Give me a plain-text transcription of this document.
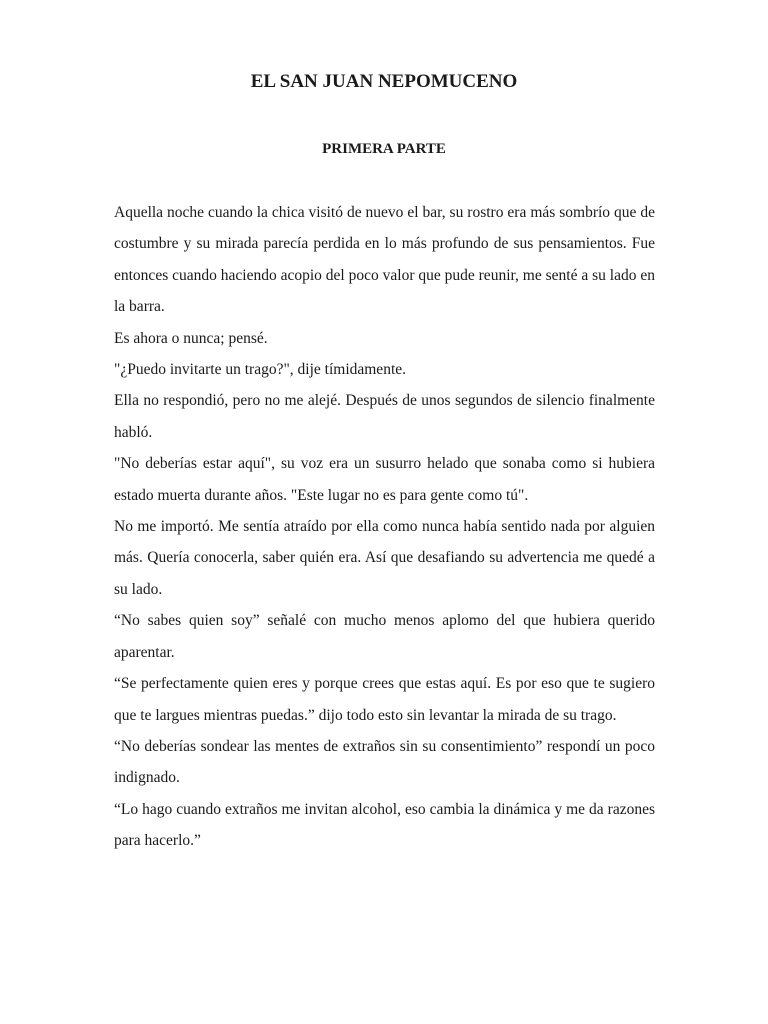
EL SAN JUAN NEPOMUCENO
PRIMERA PARTE

Aquella noche cuando la chica visitó de nuevo el bar, su rostro era más sombrío que de costumbre y su mirada parecía perdida en lo más profundo de sus pensamientos. Fue entonces cuando haciendo acopio del poco valor que pude reunir, me senté a su lado en la barra.

Es ahora o nunca; pensé.

"¿Puedo invitarte un trago?", dije tímidamente.

Ella no respondió, pero no me alejé. Después de unos segundos de silencio finalmente habló.

"No deberías estar aquí", su voz era un susurro helado que sonaba como si hubiera estado muerta durante años. "Este lugar no es para gente como tú".

No me importó. Me sentía atraído por ella como nunca había sentido nada por alguien más. Quería conocerla, saber quién era. Así que desafiando su advertencia me quedé a su lado.

“No sabes quien soy” señalé con mucho menos aplomo del que hubiera querido aparentar.

“Se perfectamente quien eres y porque crees que estas aquí. Es por eso que te sugiero que te largues mientras puedas.” dijo todo esto sin levantar la mirada de su trago.

“No deberías sondear las mentes de extraños sin su consentimiento” respondí un poco indignado.

“Lo hago cuando extraños me invitan alcohol, eso cambia la dinámica y me da razones para hacerlo.”
